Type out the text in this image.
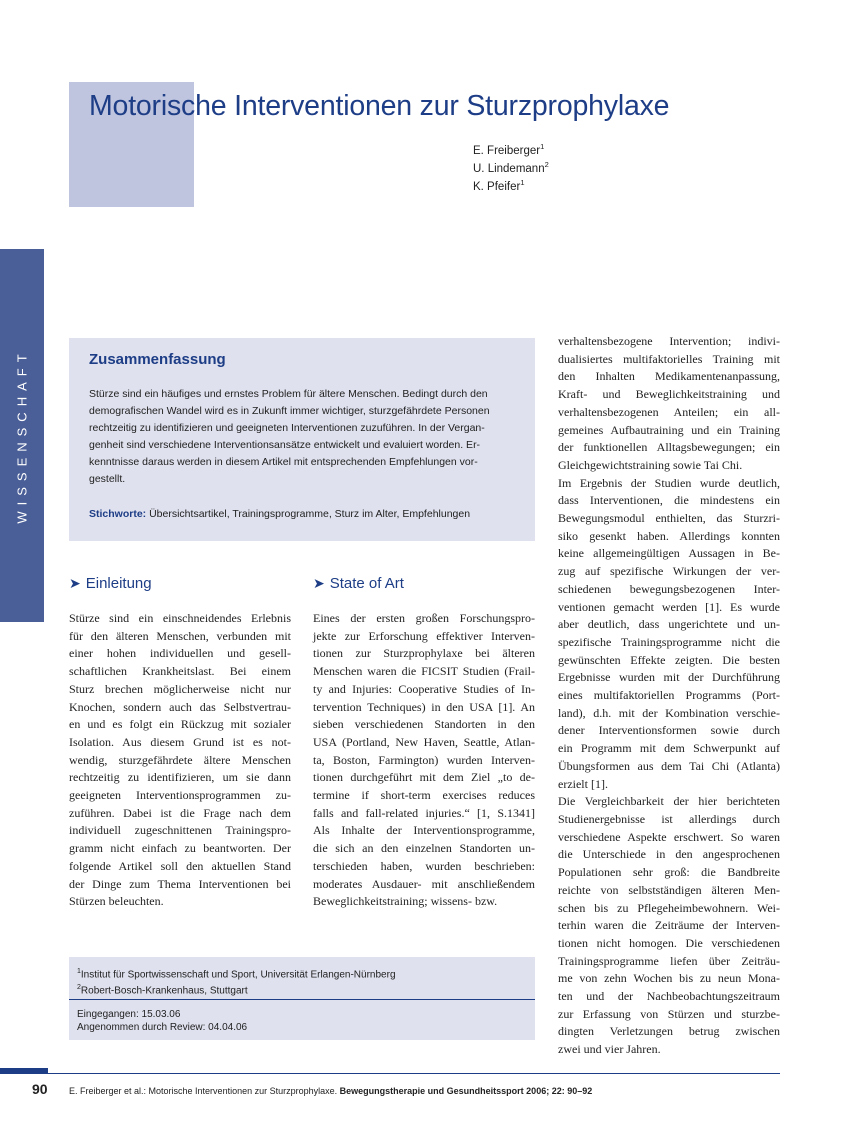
Motorische Interventionen zur Sturzprophylaxe
E. Freiberger$^1$
U. Lindemann$^2$
K. Pfeifer$^1$
WISSENSCHAFT	Zusammenfassung
Stürze sind ein häufiges und ernstes Problem für ältere Menschen. Bedingt durch den
demografischen Wandel wird es in Zukunft immer wichtiger, sturzgefährdete Personen
rechtzeitig zu identifizieren und geeigneten Interventionen zuzuführen. In der Vergan-
genheit sind verschiedene Interventionsansätze entwickelt und evaluiert worden. Er-
kenntnisse daraus werden in diesem Artikel mit entsprechenden Empfehlungen vor-
gestellt.

Stichworte: Übersichtsartikel, Trainingsprogramme, Sturz im Alter, Empfehlungen

➤ Einleitung	➤ State of Art

Stürze sind ein einschneidendes Erlebnis

für den älteren Menschen, verbunden mit

einer hohen individuellen und gesell-

schaftlichen Krankheitslast. Bei einem

Sturz brechen möglicherweise nicht nur

Knochen, sondern auch das Selbstvertrau-

en und es folgt ein Rückzug mit sozialer

Isolation. Aus diesem Grund ist es not-

wendig, sturzgefährdete ältere Menschen

rechtzeitig zu identifizieren, um sie dann

geeigneten Interventionsprogrammen zu-

zuführen. Dabei ist die Frage nach dem

individuell zugeschnittenen Trainingspro-

gramm nicht einfach zu beantworten. Der

folgende Artikel soll den aktuellen Stand

der Dinge zum Thema Interventionen bei

Stürzen beleuchten.

Eines der ersten großen Forschungspro-

jekte zur Erforschung effektiver Interven-

tionen zur Sturzprophylaxe bei älteren

Menschen waren die FICSIT Studien (Frail-

ty and Injuries: Cooperative Studies of In-

tervention Techniques) in den USA [1]. An

sieben verschiedenen Standorten in den

USA (Portland, New Haven, Seattle, Atlan-

ta, Boston, Farmington) wurden Interven-

tionen durchgeführt mit dem Ziel „to de-

termine if short-term exercises reduces

falls and fall-related injuries.“ [1, S.1341]

Als Inhalte der Interventionsprogramme,

die sich an den einzelnen Standorten un-

terschieden haben, wurden beschrieben:

moderates Ausdauer- mit anschließendem

Beweglichkeitstraining; wissens- bzw.

verhaltensbezogene Intervention; indivi-

dualisiertes multifaktorielles Training mit

den Inhalten Medikamentenanpassung,

Kraft- und Beweglichkeitstraining und

verhaltensbezogenen Anteilen; ein all-

gemeines Aufbautraining und ein Training

der funktionellen Alltagsbewegungen; ein

Gleichgewichtstraining sowie Tai Chi.

Im Ergebnis der Studien wurde deutlich,

dass Interventionen, die mindestens ein

Bewegungsmodul enthielten, das Sturzri-

siko gesenkt haben. Allerdings konnten

keine allgemeingültigen Aussagen in Be-

zug auf spezifische Wirkungen der ver-

schiedenen bewegungsbezogenen Inter-

ventionen gemacht werden [1]. Es wurde

aber deutlich, dass ungerichtete und un-

spezifische Trainingsprogramme nicht die

gewünschten Effekte zeigten. Die besten

Ergebnisse wurden mit der Durchführung

eines multifaktoriellen Programms (Port-

land), d.h. mit der Kombination verschie-

dener Interventionsformen sowie durch

ein Programm mit dem Schwerpunkt auf

Übungsformen aus dem Tai Chi (Atlanta)

erzielt [1].

Die Vergleichbarkeit der hier berichteten

Studienergebnisse ist allerdings durch

verschiedene Aspekte erschwert. So waren

die Unterschiede in den angesprochenen

Populationen sehr groß: die Bandbreite

reichte von selbstständigen älteren Men-

schen bis zu Pflegeheimbewohnern. Wei-

terhin waren die Zeiträume der Interven-

tionen nicht homogen. Die verschiedenen

Trainingsprogramme liefen über Zeiträu-

me von zehn Wochen bis zu neun Mona-

ten und der Nachbeobachtungszeitraum

zur Erfassung von Stürzen und sturzbe-

dingten Verletzungen betrug zwischen

zwei und vier Jahren.

$^1$Institut für Sportwissenschaft und Sport, Universität Erlangen-Nürnberg
$^2$Robert-Bosch-Krankenhaus, Stuttgart
Eingegangen: 15.03.06
Angenommen durch Review: 04.04.06
90 E. Freiberger et al.: Motorische Interventionen zur Sturzprophylaxe. Bewegungstherapie und Gesundheitssport 2006; 22: 90–92
